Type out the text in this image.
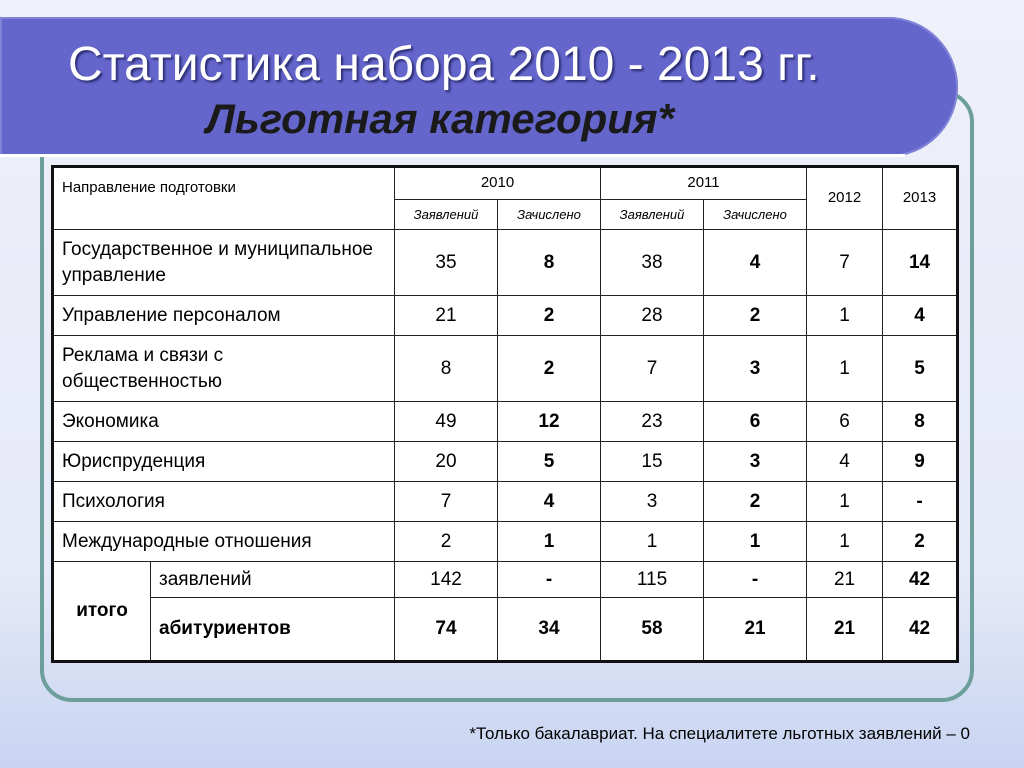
Статистика набора 2010 - 2013 гг.
Льготная категория*
Направление подготовки		2010		2011		2012	2013
		Заявлений	Зачислено	Заявлений	Зачислено		
Государственное и муниципальное управление		35	8	38	4	7	14
Управление персоналом		21	2	28	2	1	4
Реклама и связи с общественностью		8	2	7	3	1	5
Экономика		49	12	23	6	6	8
Юриспруденция		20	5	15	3	4	9
Психология		7	4	3	2	1	-
Международные отношения		2	1	1	1	1	2
итого	заявлений	142	-	115	-	21	42
	абитуриентов	74	34	58	21	21	42

*Только бакалавриат. На специалитете льготных заявлений – 0
